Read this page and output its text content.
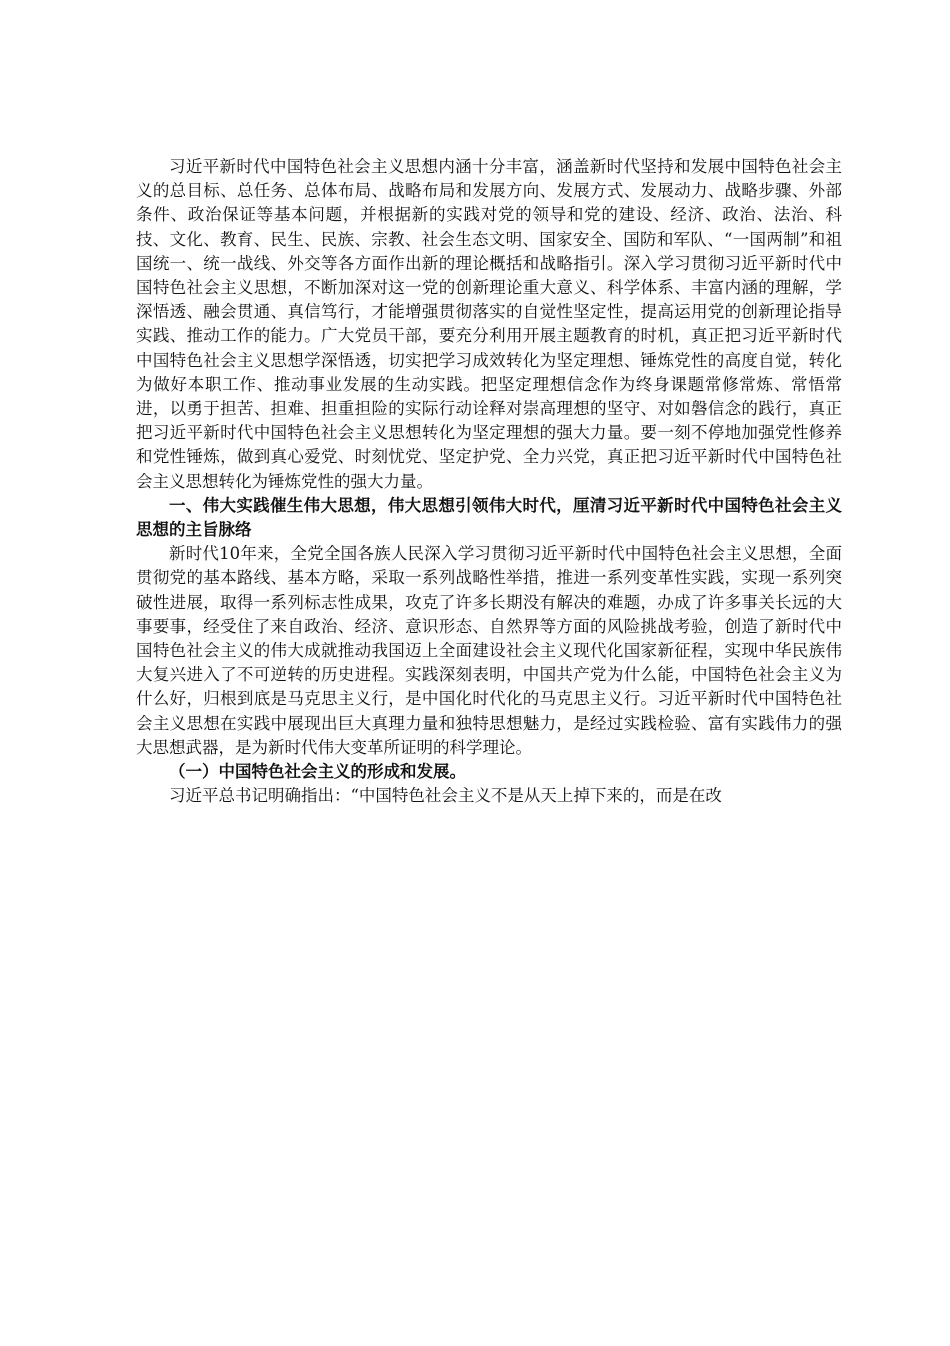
习近平新时代中国特色社会主义思想内涵十分丰富，涵盖新时代坚持和发展中国特色社会主义的总目标、总任务、总体布局、战略布局和发展方向、发展方式、发展动力、战略步骤、外部条件、政治保证等基本问题，并根据新的实践对党的领导和党的建设、经济、政治、法治、科技、文化、教育、民生、民族、宗教、社会生态文明、国家安全、国防和军队、“一国两制”和祖国统一、统一战线、外交等各方面作出新的理论概括和战略指引。深入学习贯彻习近平新时代中国特色社会主义思想，不断加深对这一党的创新理论重大意义、科学体系、丰富内涵的理解，学深悟透、融会贯通、真信笃行，才能增强贯彻落实的自觉性坚定性，提高运用党的创新理论指导实践、推动工作的能力。广大党员干部，要充分利用开展主题教育的时机，真正把习近平新时代中国特色社会主义思想学深悟透，切实把学习成效转化为坚定理想、锤炼党性的高度自觉，转化为做好本职工作、推动事业发展的生动实践。把坚定理想信念作为终身课题常修常炼、常悟常进，以勇于担苦、担难、担重担险的实际行动诠释对崇高理想的坚守、对如磐信念的践行，真正把习近平新时代中国特色社会主义思想转化为坚定理想的强大力量。要一刻不停地加强党性修养和党性锤炼，做到真心爱党、时刻忧党、坚定护党、全力兴党，真正把习近平新时代中国特色社会主义思想转化为锤炼党性的强大力量。

一、伟大实践催生伟大思想，伟大思想引领伟大时代，厘清习近平新时代中国特色社会主义思想的主旨脉络

新时代10年来，全党全国各族人民深入学习贯彻习近平新时代中国特色社会主义思想，全面贯彻党的基本路线、基本方略，采取一系列战略性举措，推进一系列变革性实践，实现一系列突破性进展，取得一系列标志性成果，攻克了许多长期没有解决的难题，办成了许多事关长远的大事要事，经受住了来自政治、经济、意识形态、自然界等方面的风险挑战考验，创造了新时代中国特色社会主义的伟大成就推动我国迈上全面建设社会主义现代化国家新征程，实现中华民族伟大复兴进入了不可逆转的历史进程。实践深刻表明，中国共产党为什么能，中国特色社会主义为什么好，归根到底是马克思主义行，是中国化时代化的马克思主义行。习近平新时代中国特色社会主义思想在实践中展现出巨大真理力量和独特思想魅力，是经过实践检验、富有实践伟力的强大思想武器，是为新时代伟大变革所证明的科学理论。

（一）中国特色社会主义的形成和发展。

习近平总书记明确指出：“中国特色社会主义不是从天上掉下来的，而是在改
